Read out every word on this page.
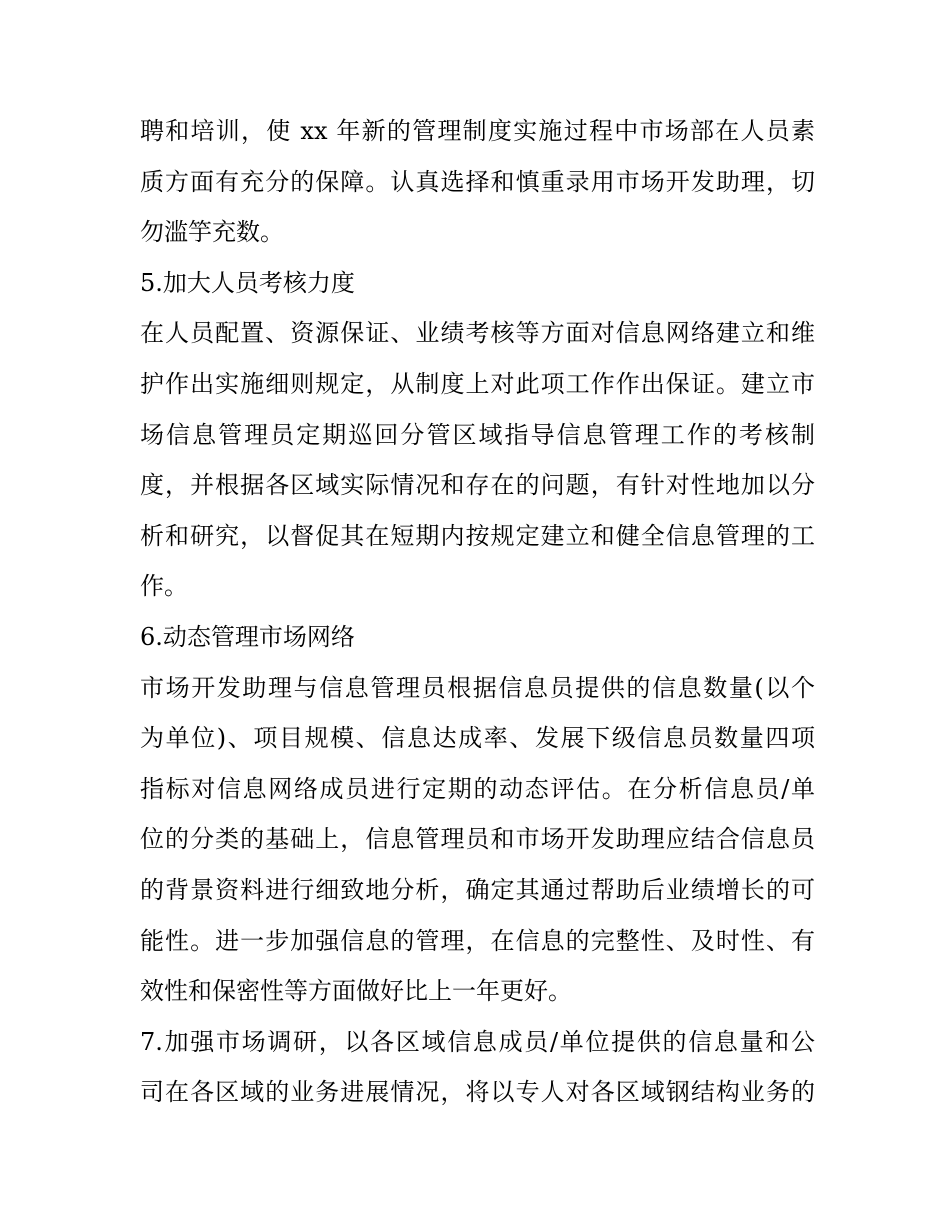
聘和培训，使 xx 年新的管理制度实施过程中市场部在人员素
质方面有充分的保障。认真选择和慎重录用市场开发助理，切
勿滥竽充数。
5.加大人员考核力度
在人员配置、资源保证、业绩考核等方面对信息网络建立和维
护作出实施细则规定，从制度上对此项工作作出保证。建立市
场信息管理员定期巡回分管区域指导信息管理工作的考核制
度，并根据各区域实际情况和存在的问题，有针对性地加以分
析和研究，以督促其在短期内按规定建立和健全信息管理的工
作。
6.动态管理市场网络
市场开发助理与信息管理员根据信息员提供的信息数量(以个
为单位)、项目规模、信息达成率、发展下级信息员数量四项
指标对信息网络成员进行定期的动态评估。在分析信息员/单
位的分类的基础上，信息管理员和市场开发助理应结合信息员
的背景资料进行细致地分析，确定其通过帮助后业绩增长的可
能性。进一步加强信息的管理，在信息的完整性、及时性、有
效性和保密性等方面做好比上一年更好。
7.加强市场调研，以各区域信息成员/单位提供的信息量和公
司在各区域的业务进展情况，将以专人对各区域钢结构业务的
